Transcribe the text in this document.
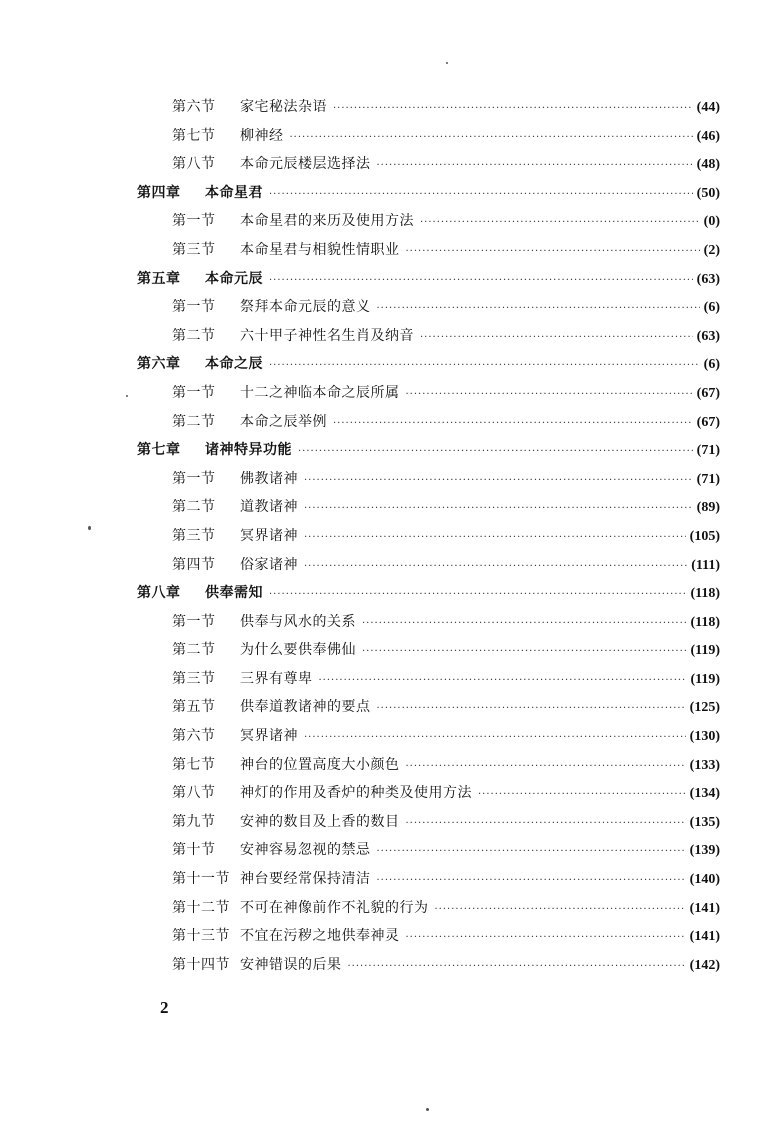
第六节	家宅秘法杂语 ·····	(44)
第七节	柳神经 ·····	(46)
第八节	本命元辰楼层选择法 ·····	(48)
第四章	本命星君 ·····	(50)
第一节	本命星君的来历及使用方法 ·····	(0)
第三节	本命星君与相貌性情职业 ·····	(2)
第五章	本命元辰 ·····	(63)
第一节	祭拜本命元辰的意义 ·····	(6)
第二节	六十甲子神性名生肖及纳音 ·····	(63)
第六章	本命之辰 ·····	(6)
第一节	十二之神临本命之辰所属 ·····	(67)
第二节	本命之辰举例 ·····	(67)
第七章	诸神特异功能 ·····	(71)
第一节	佛教诸神 ·····	(71)
第二节	道教诸神 ·····	(89)
第三节	冥界诸神 ·····	(105)
第四节	俗家诸神 ·····	(111)
第八章	供奉需知 ·····	(118)
第一节	供奉与风水的关系 ·····	(118)
第二节	为什么要供奉佛仙 ·····	(119)
第三节	三界有尊卑 ·····	(119)
第五节	供奉道教诸神的要点 ·····	(125)
第六节	冥界诸神 ·····	(130)
第七节	神台的位置高度大小颜色 ·····	(133)
第八节	神灯的作用及香炉的种类及使用方法 ·····	(134)
第九节	安神的数目及上香的数目 ·····	(135)
第十节	安神容易忽视的禁忌 ·····	(139)
第十一节 神台要经常保持清洁 ·····	(140)
第十二节 不可在神像前作不礼貌的行为 ·····	(141)
第十三节 不宜在污秽之地供奉神灵 ·····	(141)
第十四节 安神错误的后果 ·····	(142)
2
